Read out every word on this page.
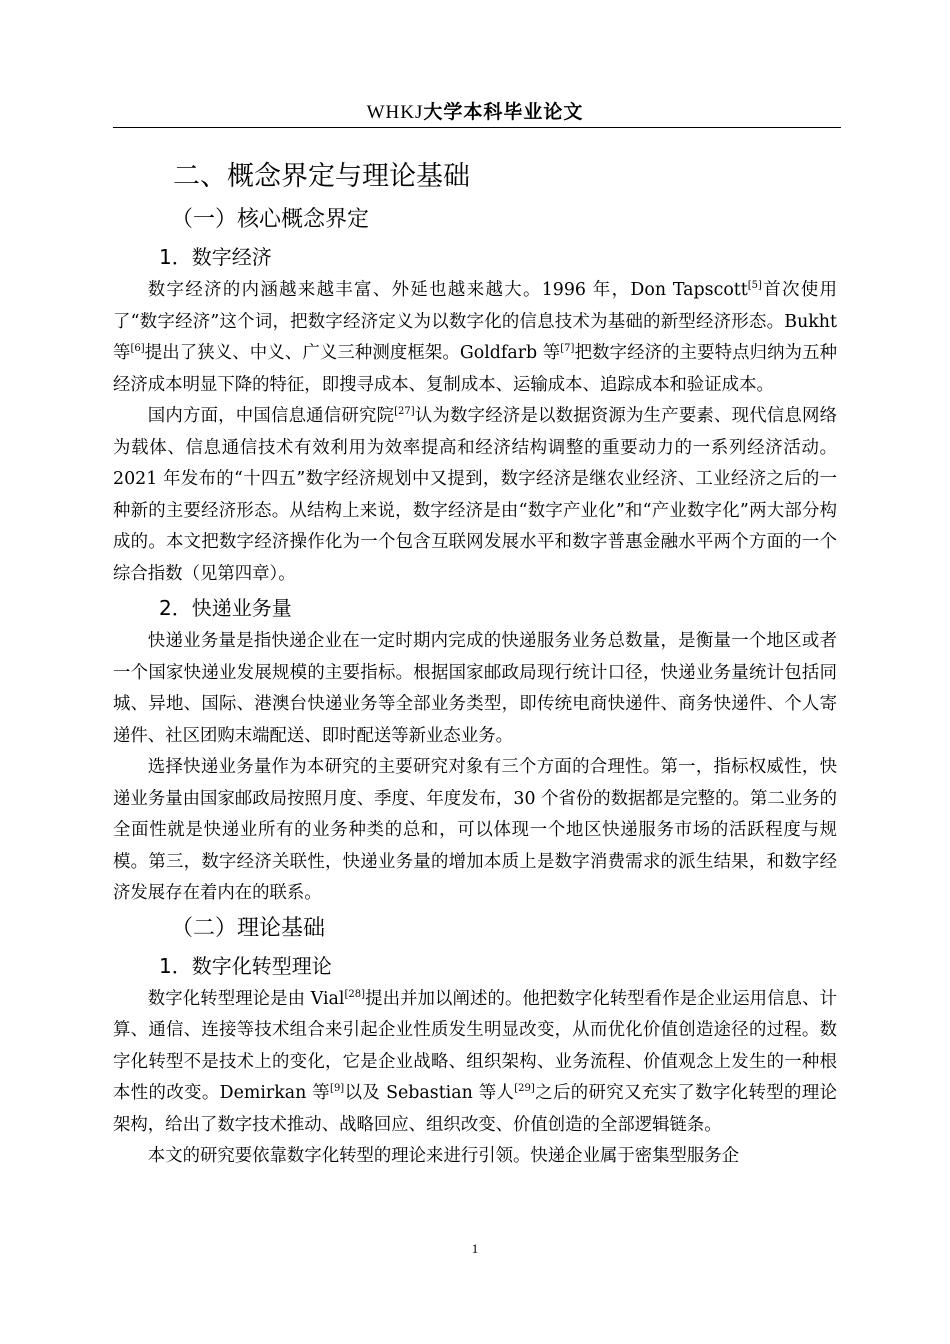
WHKJ大学本科毕业论文
二、概念界定与理论基础
（一）核心概念界定
1．数字经济

数字经济的内涵越来越丰富、外延也越来越大。1996 年，Don Tapscott[5]首次使用了“数字经济”这个词，把数字经济定义为以数字化的信息技术为基础的新型经济形态。Bukht 等[6]提出了狭义、中义、广义三种测度框架。Goldfarb 等[7]把数字经济的主要特点归纳为五种经济成本明显下降的特征，即搜寻成本、复制成本、运输成本、追踪成本和验证成本。

国内方面，中国信息通信研究院[27]认为数字经济是以数据资源为生产要素、现代信息网络为载体、信息通信技术有效利用为效率提高和经济结构调整的重要动力的一系列经济活动。2021 年发布的“十四五”数字经济规划中又提到，数字经济是继农业经济、工业经济之后的一种新的主要经济形态。从结构上来说，数字经济是由“数字产业化”和“产业数字化”两大部分构成的。本文把数字经济操作化为一个包含互联网发展水平和数字普惠金融水平两个方面的一个综合指数（见第四章）。

2．快递业务量

快递业务量是指快递企业在一定时期内完成的快递服务业务总数量，是衡量一个地区或者一个国家快递业发展规模的主要指标。根据国家邮政局现行统计口径，快递业务量统计包括同城、异地、国际、港澳台快递业务等全部业务类型，即传统电商快递件、商务快递件、个人寄递件、社区团购末端配送、即时配送等新业态业务。

选择快递业务量作为本研究的主要研究对象有三个方面的合理性。第一，指标权威性，快递业务量由国家邮政局按照月度、季度、年度发布，30 个省份的数据都是完整的。第二业务的全面性就是快递业所有的业务种类的总和，可以体现一个地区快递服务市场的活跃程度与规模。第三，数字经济关联性，快递业务量的增加本质上是数字消费需求的派生结果，和数字经济发展存在着内在的联系。

（二）理论基础
1．数字化转型理论

数字化转型理论是由 Vial[28]提出并加以阐述的。他把数字化转型看作是企业运用信息、计算、通信、连接等技术组合来引起企业性质发生明显改变，从而优化价值创造途径的过程。数字化转型不是技术上的变化，它是企业战略、组织架构、业务流程、价值观念上发生的一种根本性的改变。Demirkan 等[9]以及 Sebastian 等人[29]之后的研究又充实了数字化转型的理论架构，给出了数字技术推动、战略回应、组织改变、价值创造的全部逻辑链条。

本文的研究要依靠数字化转型的理论来进行引领。快递企业属于密集型服务企

1
